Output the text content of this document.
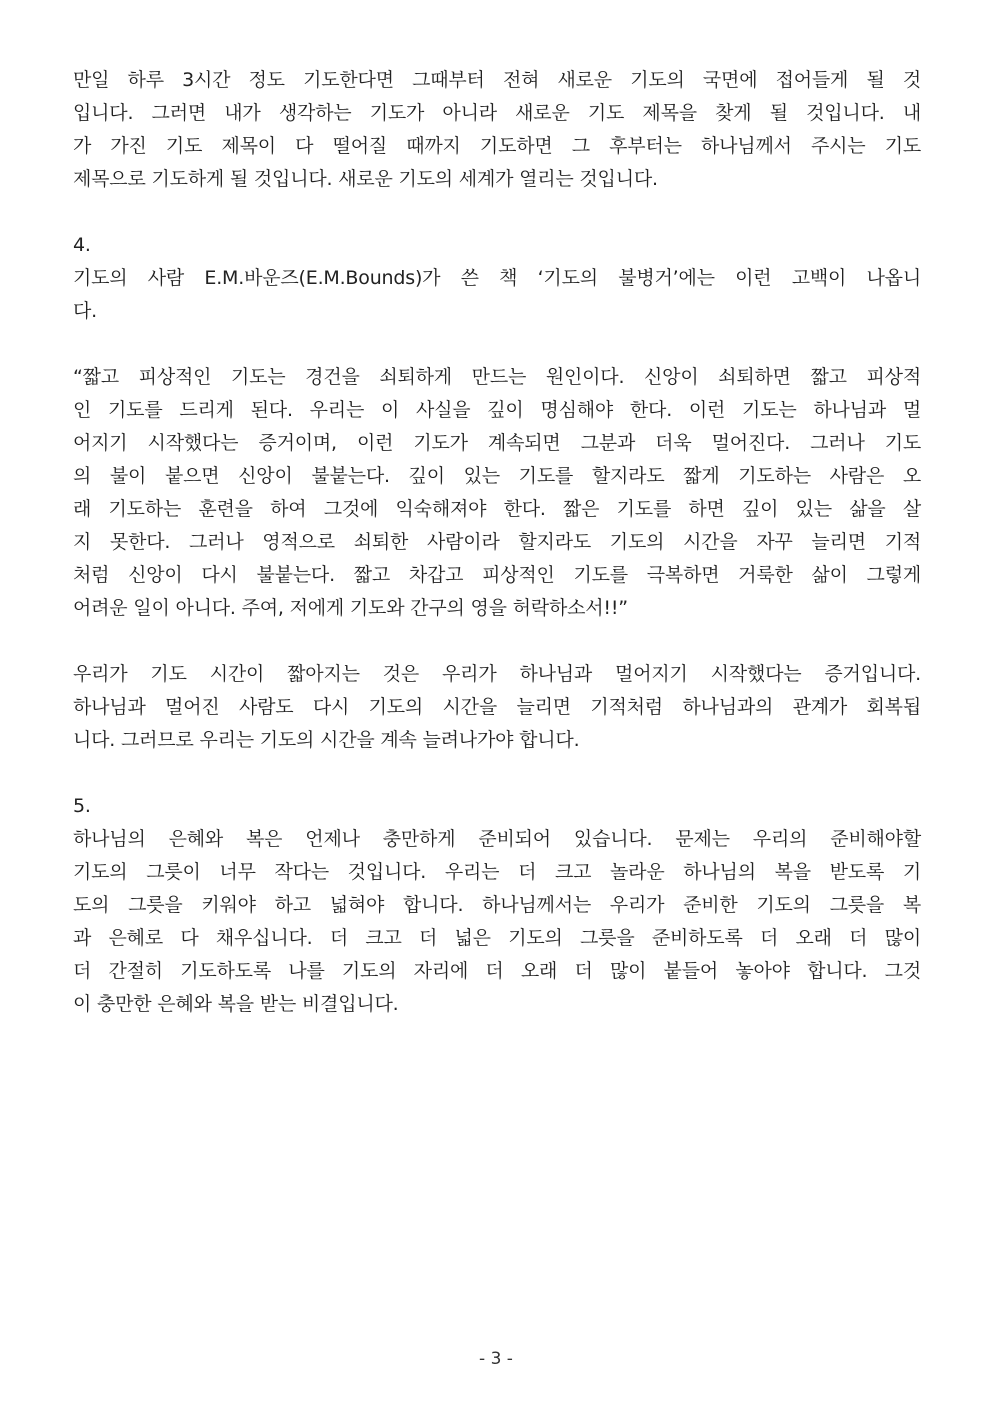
만일 하루 3시간 정도 기도한다면 그때부터 전혀 새로운 기도의 국면에 접어들게 될 것
입니다. 그러면 내가 생각하는 기도가 아니라 새로운 기도 제목을 찾게 될 것입니다. 내
가 가진 기도 제목이 다 떨어질 때까지 기도하면 그 후부터는 하나님께서 주시는 기도
제목으로 기도하게 될 것입니다. 새로운 기도의 세계가 열리는 것입니다.
4.
기도의 사람 E.M.바운즈(E.M.Bounds)가 쓴 책 ‘기도의 불병거’에는 이런 고백이 나옵니
다.
“짧고 피상적인 기도는 경건을 쇠퇴하게 만드는 원인이다. 신앙이 쇠퇴하면 짧고 피상적
인 기도를 드리게 된다. 우리는 이 사실을 깊이 명심해야 한다. 이런 기도는 하나님과 멀
어지기 시작했다는 증거이며, 이런 기도가 계속되면 그분과 더욱 멀어진다. 그러나 기도
의 불이 붙으면 신앙이 불붙는다. 깊이 있는 기도를 할지라도 짧게 기도하는 사람은 오
래 기도하는 훈련을 하여 그것에 익숙해져야 한다. 짧은 기도를 하면 깊이 있는 삶을 살
지 못한다. 그러나 영적으로 쇠퇴한 사람이라 할지라도 기도의 시간을 자꾸 늘리면 기적
처럼 신앙이 다시 불붙는다. 짧고 차갑고 피상적인 기도를 극복하면 거룩한 삶이 그렇게
어려운 일이 아니다. 주여, 저에게 기도와 간구의 영을 허락하소서!!”
우리가 기도 시간이 짧아지는 것은 우리가 하나님과 멀어지기 시작했다는 증거입니다.
하나님과 멀어진 사람도 다시 기도의 시간을 늘리면 기적처럼 하나님과의 관계가 회복됩
니다. 그러므로 우리는 기도의 시간을 계속 늘려나가야 합니다.
5.
하나님의 은혜와 복은 언제나 충만하게 준비되어 있습니다. 문제는 우리의 준비해야할
기도의 그릇이 너무 작다는 것입니다. 우리는 더 크고 놀라운 하나님의 복을 받도록 기
도의 그릇을 키워야 하고 넓혀야 합니다. 하나님께서는 우리가 준비한 기도의 그릇을 복
과 은혜로 다 채우십니다. 더 크고 더 넓은 기도의 그릇을 준비하도록 더 오래 더 많이
더 간절히 기도하도록 나를 기도의 자리에 더 오래 더 많이 붙들어 놓아야 합니다. 그것
이 충만한 은혜와 복을 받는 비결입니다.
- 3 -
